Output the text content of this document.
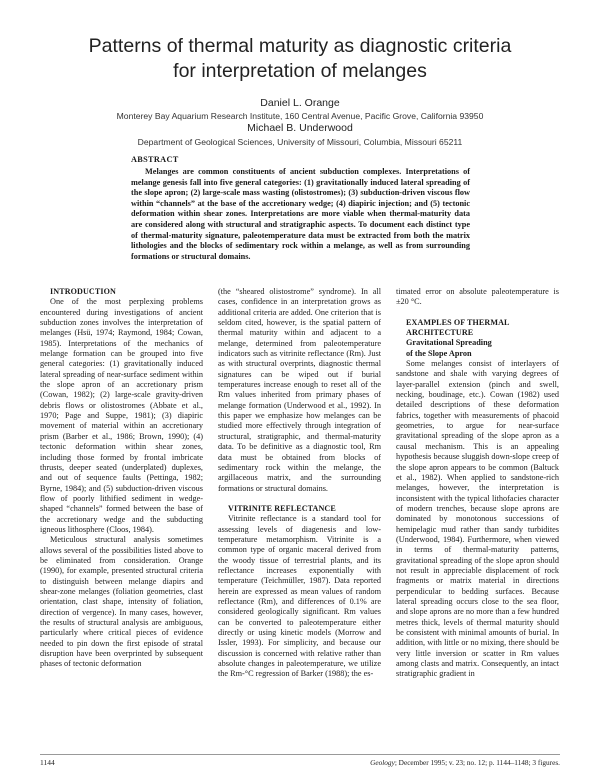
Patterns of thermal maturity as diagnostic criteria
for interpretation of melanges
Daniel L. Orange
Monterey Bay Aquarium Research Institute, 160 Central Avenue, Pacific Grove, California 93950
Michael B. Underwood
Department of Geological Sciences, University of Missouri, Columbia, Missouri 65211
ABSTRACT
Melanges are common constituents of ancient subduction complexes. Interpretations of melange genesis fall into five general categories: (1) gravitationally induced lateral spreading of the slope apron; (2) large-scale mass wasting (olistostromes); (3) subduction-driven viscous flow within “channels” at the base of the accretionary wedge; (4) diapiric injection; and (5) tectonic deformation within shear zones. Interpretations are more viable when thermal-maturity data are considered along with structural and stratigraphic aspects. To document each distinct type of thermal-maturity signature, paleotemperature data must be extracted from both the matrix lithologies and the blocks of sedimentary rock within a melange, as well as from surrounding formations or structural domains.

INTRODUCTION

One of the most perplexing problems encountered during investigations of ancient subduction zones involves the interpretation of melanges (Hsü, 1974; Raymond, 1984; Cowan, 1985). Interpretations of the mechanics of melange formation can be grouped into five general categories: (1) gravitationally induced lateral spreading of near-surface sediment within the slope apron of an accretionary prism (Cowan, 1982); (2) large-scale gravity-driven debris flows or olistostromes (Abbate et al., 1970; Page and Suppe, 1981); (3) diapiric movement of material within an accretionary prism (Barber et al., 1986; Brown, 1990); (4) tectonic deformation within shear zones, including those formed by frontal imbricate thrusts, deeper seated (underplated) duplexes, and out of sequence faults (Pettinga, 1982; Byrne, 1984); and (5) subduction-driven viscous flow of poorly lithified sediment in wedge-shaped “channels” formed between the base of the accretionary wedge and the subducting igneous lithosphere (Cloos, 1984).

Meticulous structural analysis sometimes allows several of the possibilities listed above to be eliminated from consideration. Orange (1990), for example, presented structural criteria to distinguish between melange diapirs and shear-zone melanges (foliation geometries, clast orientation, clast shape, intensity of foliation, direction of vergence). In many cases, however, the results of structural analysis are ambiguous, particularly where critical pieces of evidence needed to pin down the first episode of stratal disruption have been overprinted by subsequent phases of tectonic deformation

(the “sheared olistostrome” syndrome). In all cases, confidence in an interpretation grows as additional criteria are added. One criterion that is seldom cited, however, is the spatial pattern of thermal maturity within and adjacent to a melange, determined from paleotemperature indicators such as vitrinite reflectance (Rm). Just as with structural overprints, diagnostic thermal signatures can be wiped out if burial temperatures increase enough to reset all of the Rm values inherited from primary phases of melange formation (Underwood et al., 1992). In this paper we emphasize how melanges can be studied more effectively through integration of structural, stratigraphic, and thermal-maturity data. To be definitive as a diagnostic tool, Rm data must be obtained from blocks of sedimentary rock within the melange, the argillaceous matrix, and the surrounding formations or structural domains.

VITRINITE REFLECTANCE

Vitrinite reflectance is a standard tool for assessing levels of diagenesis and low-temperature metamorphism. Vitrinite is a common type of organic maceral derived from the woody tissue of terrestrial plants, and its reflectance increases exponentially with temperature (Teichmüller, 1987). Data reported herein are expressed as mean values of random reflectance (Rm), and differences of 0.1% are considered geologically significant. Rm values can be converted to paleotemperature either directly or using kinetic models (Morrow and Issler, 1993). For simplicity, and because our discussion is concerned with relative rather than absolute changes in paleotemperature, we utilize the Rm-°C regression of Barker (1988); the es-

timated error on absolute paleotemperature is ±20 °C.

EXAMPLES OF THERMAL

ARCHITECTURE

Gravitational Spreading

of the Slope Apron

Some melanges consist of interlayers of sandstone and shale with varying degrees of layer-parallel extension (pinch and swell, necking, boudinage, etc.). Cowan (1982) used detailed descriptions of these deformation fabrics, together with measurements of phacoid geometries, to argue for near-surface gravitational spreading of the slope apron as a causal mechanism. This is an appealing hypothesis because sluggish down-slope creep of the slope apron appears to be common (Baltuck et al., 1982). When applied to sandstone-rich melanges, however, the interpretation is inconsistent with the typical lithofacies character of modern trenches, because slope aprons are dominated by monotonous successions of hemipelagic mud rather than sandy turbidites (Underwood, 1984). Furthermore, when viewed in terms of thermal-maturity patterns, gravitational spreading of the slope apron should not result in appreciable displacement of rock fragments or matrix material in directions perpendicular to bedding surfaces. Because lateral spreading occurs close to the sea floor, and slope aprons are no more than a few hundred metres thick, levels of thermal maturity should be consistent with minimal amounts of burial. In addition, with little or no mixing, there should be very little inversion or scatter in Rm values among clasts and matrix. Consequently, an intact stratigraphic gradient in

1144	Geology; December 1995; v. 23; no. 12; p. 1144–1148; 3 figures.
